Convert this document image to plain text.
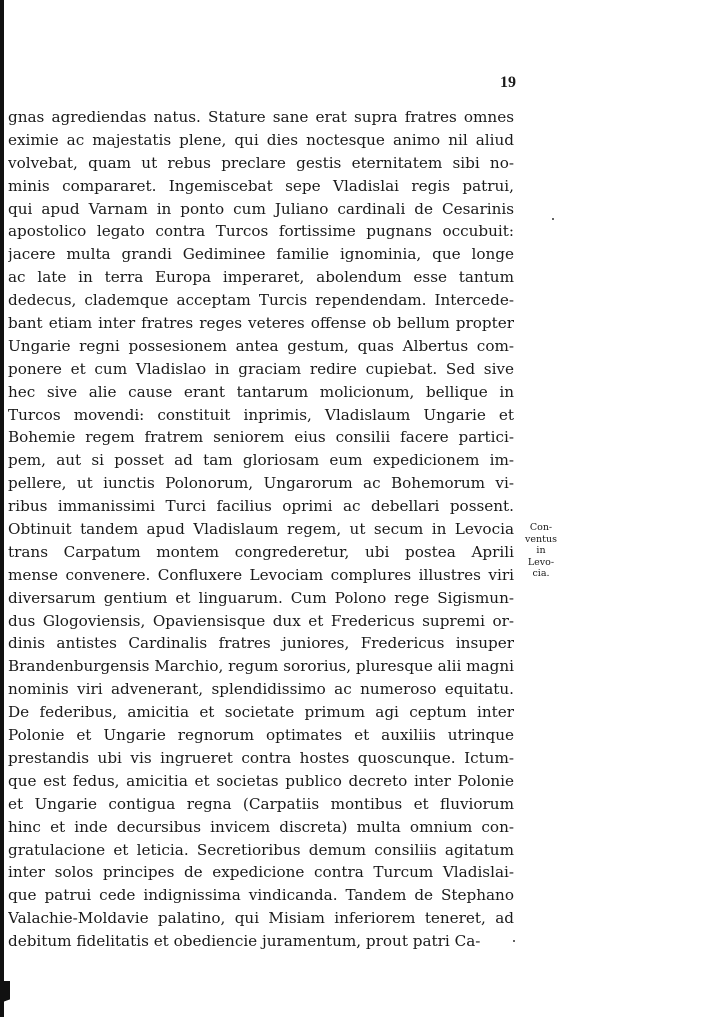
19
gnas agrediendas natus. Stature sane erat supra fratres omnes
eximie ac majestatis plene, qui dies noctesque animo nil aliud
volvebat, quam ut rebus preclare gestis eternitatem sibi no-
minis compararet. Ingemiscebat sepe Vladislai regis patrui,
qui apud Varnam in ponto cum Juliano cardinali de Cesarinis
apostolico legato contra Turcos fortissime pugnans occubuit:
jacere multa grandi Gediminee familie ignominia, que longe
ac late in terra Europa imperaret, abolendum esse tantum
dedecus, clademque acceptam Turcis rependendam. Intercede-
bant etiam inter fratres reges veteres offense ob bellum propter
Ungarie regni possesionem antea gestum, quas Albertus com-
ponere et cum Vladislao in graciam redire cupiebat. Sed sive
hec sive alie cause erant tantarum molicionum, bellique in
Turcos movendi: constituit inprimis, Vladislaum Ungarie et
Bohemie regem fratrem seniorem eius consilii facere partici-
pem, aut si posset ad tam gloriosam eum expedicionem im-
pellere, ut iunctis Polonorum, Ungarorum ac Bohemorum vi-
ribus immanissimi Turci facilius oprimi ac debellari possent.
Obtinuit tandem apud Vladislaum regem, ut secum in Levocia
trans Carpatum montem congrederetur, ubi postea Aprili
mense convenere. Confluxere Levociam complures illustres viri
diversarum gentium et linguarum. Cum Polono rege Sigismun-
dus Glogoviensis, Opaviensisque dux et Fredericus supremi or-
dinis antistes Cardinalis fratres juniores, Fredericus insuper
Brandenburgensis Marchio, regum sororius, pluresque alii magni
nominis viri advenerant, splendidissimo ac numeroso equitatu.
De federibus, amicitia et societate primum agi ceptum inter
Polonie et Ungarie regnorum optimates et auxiliis utrinque
prestandis ubi vis ingrueret contra hostes quoscunque. Ictum-
que est fedus, amicitia et societas publico decreto inter Polonie
et Ungarie contigua regna (Carpatiis montibus et fluviorum
hinc et inde decursibus invicem discreta) multa omnium con-
gratulacione et leticia. Secretioribus demum consiliis agitatum
inter solos principes de expedicione contra Turcum Vladislai-
que patrui cede indignissima vindicanda. Tandem de Stephano
Valachie-Moldavie palatino, qui Misiam inferiorem teneret, ad
debitum fidelitatis et obediencie juramentum, prout patri Ca-
Con-
ventus
in
Levo-
cia.
